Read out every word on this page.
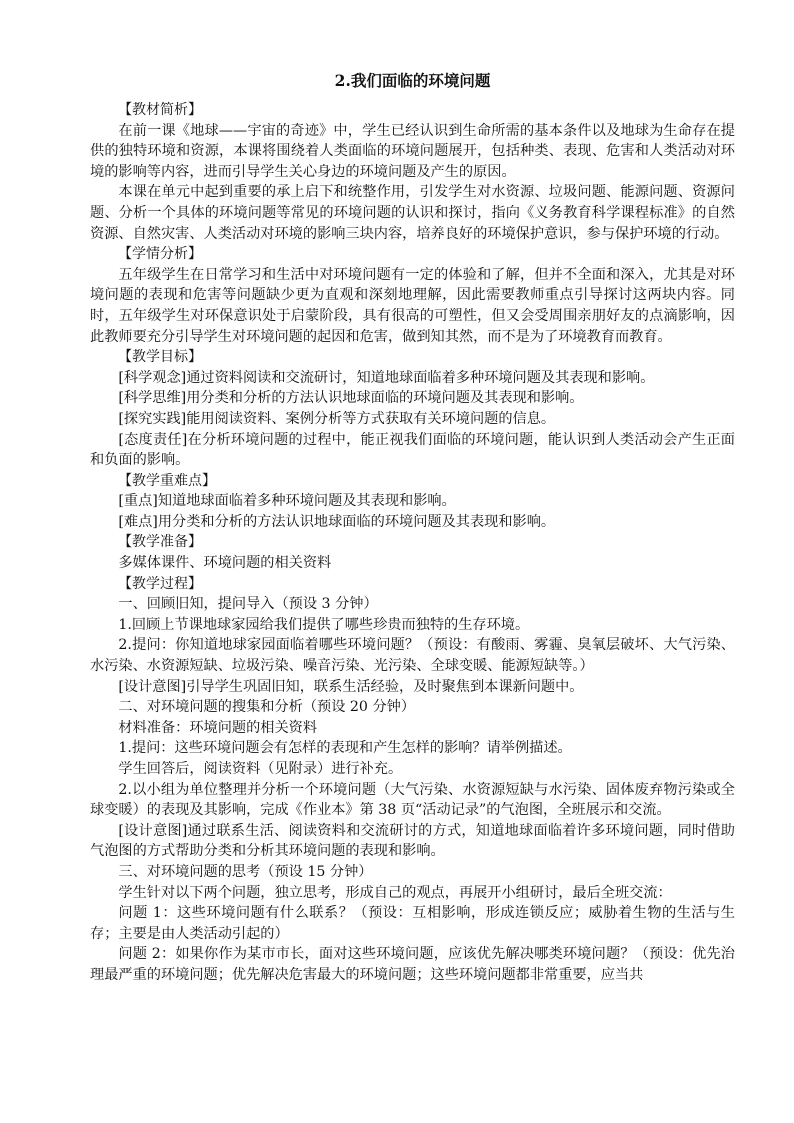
2.我们面临的环境问题

【教材简析】

在前一课《地球——宇宙的奇迹》中，学生已经认识到生命所需的基本条件以及地球为生命存在提供的独特环境和资源，本课将围绕着人类面临的环境问题展开，包括种类、表现、危害和人类活动对环境的影响等内容，进而引导学生关心身边的环境问题及产生的原因。

本课在单元中起到重要的承上启下和统整作用，引发学生对水资源、垃圾问题、能源问题、资源问题、分析一个具体的环境问题等常见的环境问题的认识和探讨，指向《义务教育科学课程标准》的自然资源、自然灾害、人类活动对环境的影响三块内容，培养良好的环境保护意识，参与保护环境的行动。

【学情分析】

五年级学生在日常学习和生活中对环境问题有一定的体验和了解，但并不全面和深入，尤其是对环境问题的表现和危害等问题缺少更为直观和深刻地理解，因此需要教师重点引导探讨这两块内容。同时，五年级学生对环保意识处于启蒙阶段，具有很高的可塑性，但又会受周围亲朋好友的点滴影响，因此教师要充分引导学生对环境问题的起因和危害，做到知其然，而不是为了环境教育而教育。

【教学目标】

[科学观念]通过资料阅读和交流研讨，知道地球面临着多种环境问题及其表现和影响。

[科学思维]用分类和分析的方法认识地球面临的环境问题及其表现和影响。

[探究实践]能用阅读资料、案例分析等方式获取有关环境问题的信息。

[态度责任]在分析环境问题的过程中，能正视我们面临的环境问题，能认识到人类活动会产生正面和负面的影响。

【教学重难点】

[重点]知道地球面临着多种环境问题及其表现和影响。

[难点]用分类和分析的方法认识地球面临的环境问题及其表现和影响。

【教学准备】

多媒体课件、环境问题的相关资料

【教学过程】

一、回顾旧知，提问导入（预设 3 分钟）

1.回顾上节课地球家园给我们提供了哪些珍贵而独特的生存环境。

2.提问：你知道地球家园面临着哪些环境问题？（预设：有酸雨、雾霾、臭氧层破坏、大气污染、水污染、水资源短缺、垃圾污染、噪音污染、光污染、全球变暖、能源短缺等。）

[设计意图]引导学生巩固旧知，联系生活经验，及时聚焦到本课新问题中。

二、对环境问题的搜集和分析（预设 20 分钟）

材料准备：环境问题的相关资料

1.提问：这些环境问题会有怎样的表现和产生怎样的影响？请举例描述。

学生回答后，阅读资料（见附录）进行补充。

2.以小组为单位整理并分析一个环境问题（大气污染、水资源短缺与水污染、固体废弃物污染或全球变暖）的表现及其影响，完成《作业本》第 38 页“活动记录”的气泡图，全班展示和交流。

[设计意图]通过联系生活、阅读资料和交流研讨的方式，知道地球面临着许多环境问题，同时借助气泡图的方式帮助分类和分析其环境问题的表现和影响。

三、对环境问题的思考（预设 15 分钟）

学生针对以下两个问题，独立思考，形成自己的观点，再展开小组研讨，最后全班交流：

问题 1：这些环境问题有什么联系？（预设：互相影响，形成连锁反应；威胁着生物的生活与生存；主要是由人类活动引起的）

问题 2：如果你作为某市市长，面对这些环境问题，应该优先解决哪类环境问题？（预设：优先治理最严重的环境问题；优先解决危害最大的环境问题；这些环境问题都非常重要，应当共
